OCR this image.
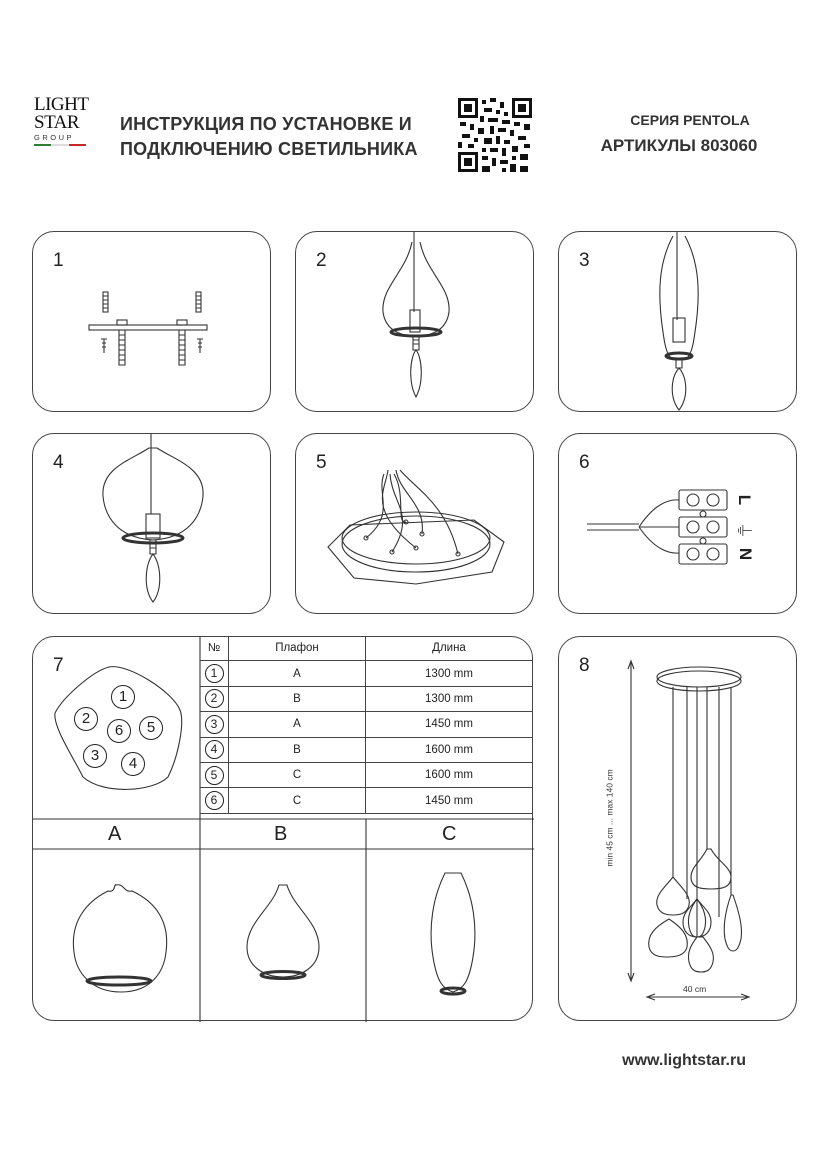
LIGHT
STAR
GROUP
ИНСТРУКЦИЯ ПО УСТАНОВКЕ И
ПОДКЛЮЧЕНИЮ СВЕТИЛЬНИКА
СЕРИЯ PENTOLA
АРТИКУЛЫ 803060
1	2	3
4	5	6
L
⏚
N
7
1
2
6	5
3	4
№	Плафон	Длина
1	A	1300 mm
2	B	1300 mm
3	A	1450 mm
4	B	1600 mm
5	C	1600 mm
6	C	1450 mm
A	B	C
8
min 45 cm ... max 140 cm
40 cm
www.lightstar.ru
